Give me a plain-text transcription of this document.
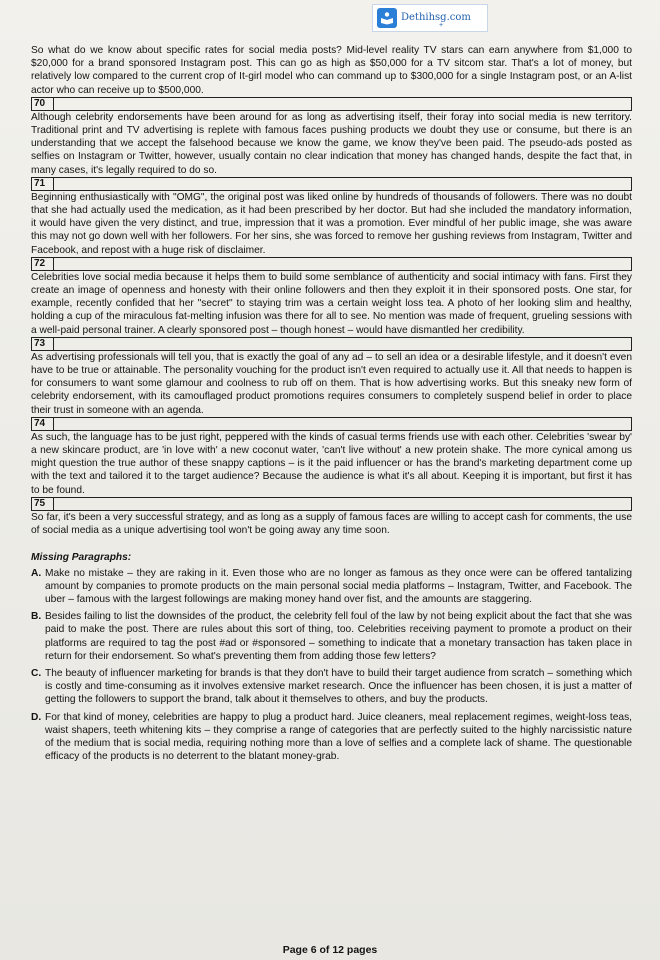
Dethihsg.com
+

So what do we know about specific rates for social media posts? Mid-level reality TV stars can earn anywhere from $1,000 to $20,000 for a brand sponsored Instagram post. This can go as high as $50,000 for a TV sitcom star. That's a lot of money, but relatively low compared to the current crop of It-girl model who can command up to $300,000 for a single Instagram post, or an A-list actor who can receive up to $500,000.

70

Although celebrity endorsements have been around for as long as advertising itself, their foray into social media is new territory. Traditional print and TV advertising is replete with famous faces pushing products we doubt they use or consume, but there is an understanding that we accept the falsehood because we know the game, we know they've been paid. The pseudo-ads posted as selfies on Instagram or Twitter, however, usually contain no clear indication that money has changed hands, despite the fact that, in many cases, it's legally required to do so.

71

Beginning enthusiastically with "OMG", the original post was liked online by hundreds of thousands of followers. There was no doubt that she had actually used the medication, as it had been prescribed by her doctor. But had she included the mandatory information, it would have given the very distinct, and true, impression that it was a promotion. Ever mindful of her public image, she was aware this may not go down well with her followers. For her sins, she was forced to remove her gushing reviews from Instagram, Twitter and Facebook, and repost with a huge risk of disclaimer.

72

Celebrities love social media because it helps them to build some semblance of authenticity and social intimacy with fans. First they create an image of openness and honesty with their online followers and then they exploit it in their sponsored posts. One star, for example, recently confided that her "secret" to staying trim was a certain weight loss tea. A photo of her looking slim and healthy, holding a cup of the miraculous fat-melting infusion was there for all to see. No mention was made of frequent, grueling sessions with a well-paid personal trainer. A clearly sponsored post – though honest – would have dismantled her credibility.

73

As advertising professionals will tell you, that is exactly the goal of any ad – to sell an idea or a desirable lifestyle, and it doesn't even have to be true or attainable. The personality vouching for the product isn't even required to actually use it. All that needs to happen is for consumers to want some glamour and coolness to rub off on them. That is how advertising works. But this sneaky new form of celebrity endorsement, with its camouflaged product promotions requires consumers to completely suspend belief in order to place their trust in someone with an agenda.

74

As such, the language has to be just right, peppered with the kinds of casual terms friends use with each other. Celebrities 'swear by' a new skincare product, are 'in love with' a new coconut water, 'can't live without' a new protein shake. The more cynical among us might question the true author of these snappy captions – is it the paid influencer or has the brand's marketing department come up with the text and tailored it to the target audience? Because the audience is what it's all about. Keeping it is important, but first it has to be found.

75

So far, it's been a very successful strategy, and as long as a supply of famous faces are willing to accept cash for comments, the use of social media as a unique advertising tool won't be going away any time soon.

Missing Paragraphs:

A. Make no mistake – they are raking in it. Even those who are no longer as famous as they once were can be offered tantalizing amount by companies to promote products on the main personal social media platforms – Instagram, Twitter, and Facebook. The uber – famous with the largest followings are making money hand over fist, and the amounts are staggering.
B. Besides failing to list the downsides of the product, the celebrity fell foul of the law by not being explicit about the fact that she was paid to make the post. There are rules about this sort of thing, too. Celebrities receiving payment to promote a product on their platforms are required to tag the post #ad or #sponsored – something to indicate that a monetary transaction has taken place in return for their endorsement. So what's preventing them from adding those few letters?
C. The beauty of influencer marketing for brands is that they don't have to build their target audience from scratch – something which is costly and time-consuming as it involves extensive market research. Once the influencer has been chosen, it is just a matter of getting the followers to support the brand, talk about it themselves to others, and buy the products.
D. For that kind of money, celebrities are happy to plug a product hard. Juice cleaners, meal replacement regimes, weight-loss teas, waist shapers, teeth whitening kits – they comprise a range of categories that are perfectly suited to the highly narcissistic nature of the medium that is social media, requiring nothing more than a love of selfies and a complete lack of shame. The questionable efficacy of the products is no deterrent to the blatant money-grab.
Page 6 of 12 pages
